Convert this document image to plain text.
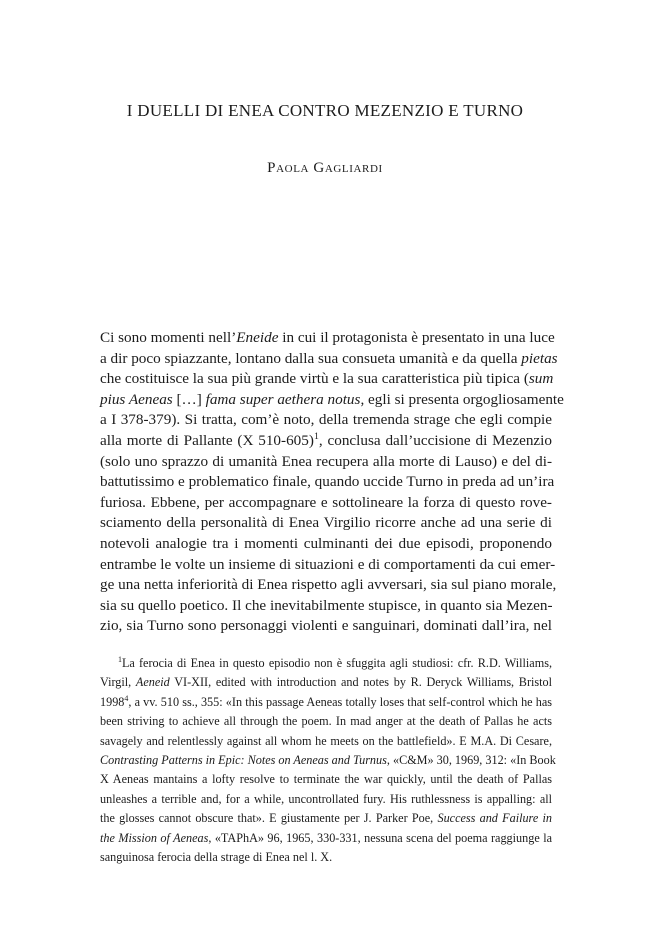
I DUELLI DI ENEA CONTRO MEZENZIO E TURNO
Paola Gagliardi
Ci sono momenti nell’Eneide in cui il protagonista è presentato in una luce
a dir poco spiazzante, lontano dalla sua consueta umanità e da quella pietas
che costituisce la sua più grande virtù e la sua caratteristica più tipica (sum
pius Aeneas […] fama super aethera notus, egli si presenta orgogliosamente
a I 378-379). Si tratta, com’è noto, della tremenda strage che egli compie
alla morte di Pallante (X 510-605)$^1$, conclusa dall’uccisione di Mezenzio
(solo uno sprazzo di umanità Enea recupera alla morte di Lauso) e del di-
battutissimo e problematico finale, quando uccide Turno in preda ad un’ira
furiosa. Ebbene, per accompagnare e sottolineare la forza di questo rove-
sciamento della personalità di Enea Virgilio ricorre anche ad una serie di
notevoli analogie tra i momenti culminanti dei due episodi, proponendo
entrambe le volte un insieme di situazioni e di comportamenti da cui emer-
ge una netta inferiorità di Enea rispetto agli avversari, sia sul piano morale,
sia su quello poetico. Il che inevitabilmente stupisce, in quanto sia Mezen-
zio, sia Turno sono personaggi violenti e sanguinari, dominati dall’ira, nel
$^1$La ferocia di Enea in questo episodio non è sfuggita agli studiosi: cfr. R.D. Williams,
Virgil, Aeneid VI-XII, edited with introduction and notes by R. Deryck Williams, Bristol
1998$^4$, a vv. 510 ss., 355: «In this passage Aeneas totally loses that self-control which he has
been striving to achieve all through the poem. In mad anger at the death of Pallas he acts
savagely and relentlessly against all whom he meets on the battlefield». E M.A. Di Cesare,
Contrasting Patterns in Epic: Notes on Aeneas and Turnus, «C&M» 30, 1969, 312: «In Book
X Aeneas mantains a lofty resolve to terminate the war quickly, until the death of Pallas
unleashes a terrible and, for a while, uncontrollated fury. His ruthlessness is appalling: all
the glosses cannot obscure that». E giustamente per J. Parker Poe, Success and Failure in
the Mission of Aeneas, «TAPhA» 96, 1965, 330-331, nessuna scena del poema raggiunge la
sanguinosa ferocia della strage di Enea nel l. X.
